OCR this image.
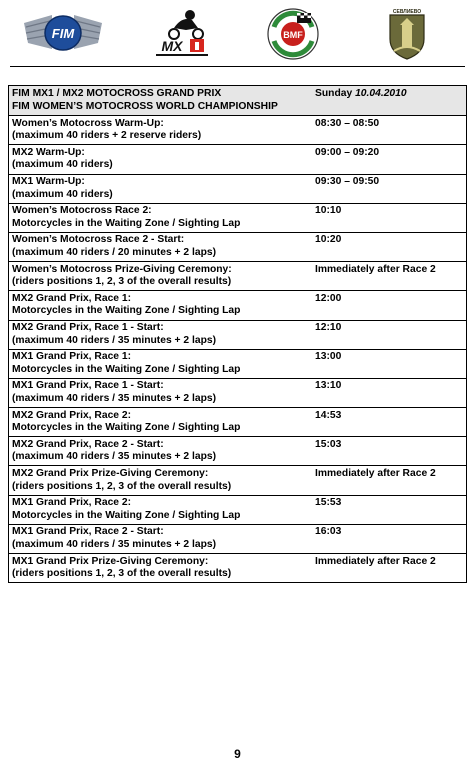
FIM
MX
BMF
СЕВЛИЕВО
FIM MX1 / MX2 MOTOCROSS GRAND PRIX
FIM WOMEN’S MOTOCROSS WORLD CHAMPIONSHIP	Sunday 10.04.2010

Women’s Motocross Warm-Up:
(maximum 40 riders + 2 reserve riders)	08:30 – 08:50

MX2 Warm-Up:
(maximum 40 riders)	09:00 – 09:20

MX1 Warm-Up:
(maximum 40 riders)	09:30 – 09:50

Women’s Motocross Race 2:
Motorcycles in the Waiting Zone / Sighting Lap	10:10

Women’s Motocross Race 2 - Start:
(maximum 40 riders / 20 minutes + 2 laps)	10:20

Women’s Motocross Prize-Giving Ceremony:
(riders positions 1, 2, 3 of the overall results)	Immediately after Race 2

MX2 Grand Prix, Race 1:
Motorcycles in the Waiting Zone / Sighting Lap	12:00

MX2 Grand Prix, Race 1 - Start:
(maximum 40 riders / 35 minutes + 2 laps)	12:10

MX1 Grand Prix, Race 1:
Motorcycles in the Waiting Zone / Sighting Lap	13:00

MX1 Grand Prix, Race 1 - Start:
(maximum 40 riders / 35 minutes + 2 laps)	13:10

MX2 Grand Prix, Race 2:
Motorcycles in the Waiting Zone / Sighting Lap	14:53

MX2 Grand Prix, Race 2 - Start:
(maximum 40 riders / 35 minutes + 2 laps)	15:03

MX2 Grand Prix Prize-Giving Ceremony:
(riders positions 1, 2, 3 of the overall results)	Immediately after Race 2

MX1 Grand Prix, Race 2:
Motorcycles in the Waiting Zone / Sighting Lap	15:53

MX1 Grand Prix, Race 2 - Start:
(maximum 40 riders / 35 minutes + 2 laps)	16:03

MX1 Grand Prix Prize-Giving Ceremony:
(riders positions 1, 2, 3 of the overall results)	Immediately after Race 2
9
